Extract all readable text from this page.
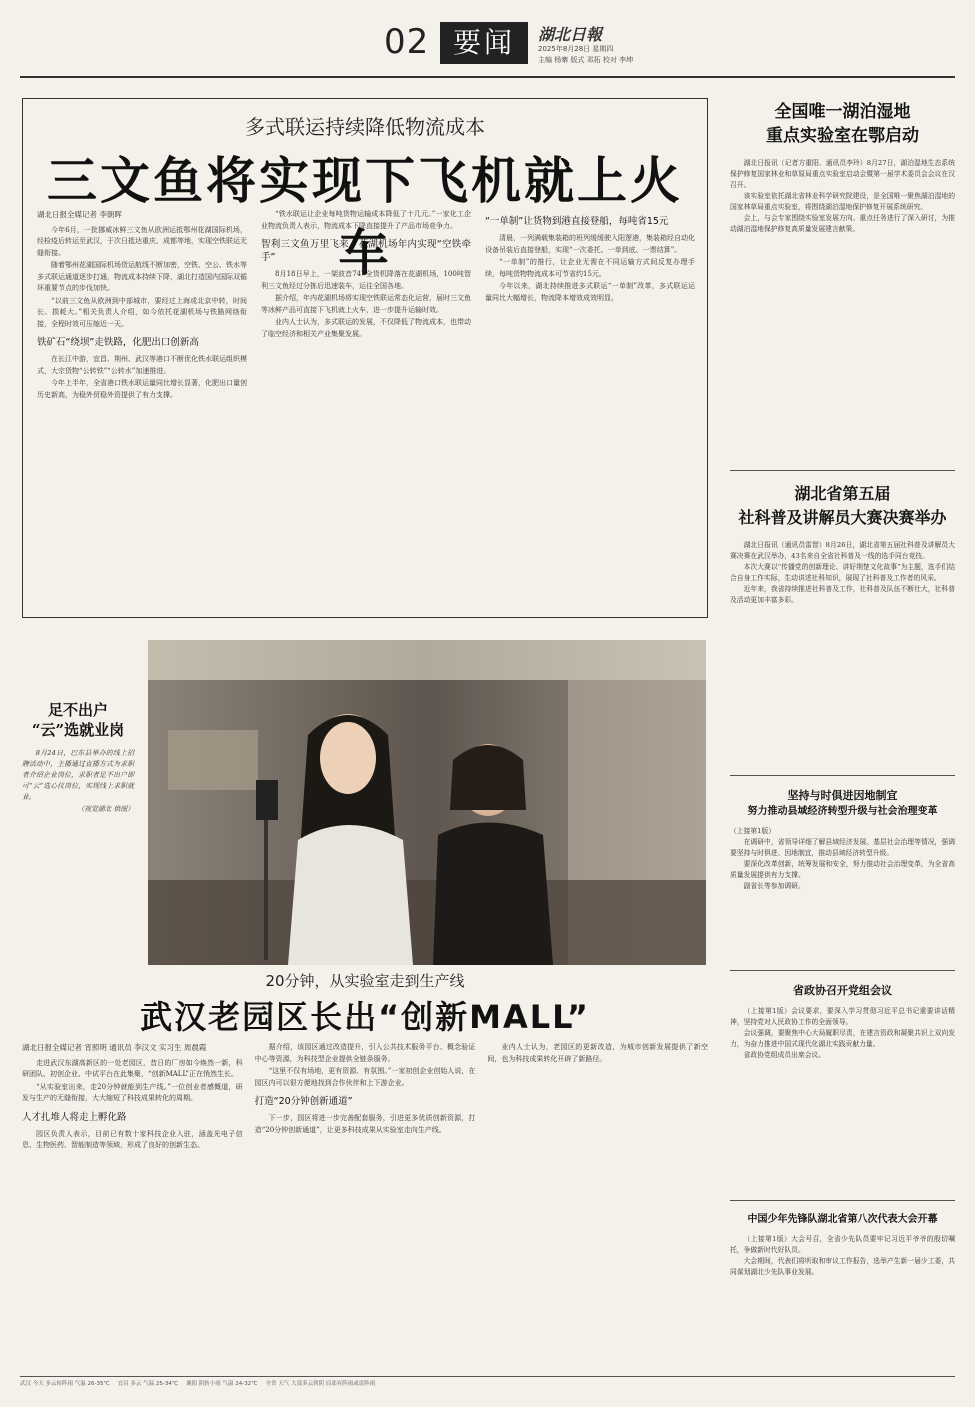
02 要闻	湖北日報
2025年8月28日 星期四
主编 杨寨 版式 邓拓 校对 李坤
多式联运持续降低物流成本
三文鱼将实现下飞机就上火车

湖北日报全媒记者 李朝晖

今年6月，一批挪威冰鲜三文鱼从欧洲运抵鄂州花湖国际机场，经检疫后转运至武汉，于次日抵达重庆、成都等地，实现空铁联运无缝衔接。

随着鄂州花湖国际机场货运航线不断加密，空铁、空公、铁水等多式联运通道逐步打通，物流成本持续下降，湖北打造国内国际双循环重要节点的步伐加快。

“以前三文鱼从欧洲到中部城市，要经过上海或北京中转，时间长、损耗大。”相关负责人介绍，如今依托花湖机场与铁路网络衔接，全程时效可压缩近一天。

铁矿石“绕坝”走铁路，化肥出口创新高

在长江中游，宜昌、荆州、武汉等港口不断优化铁水联运组织模式，大宗货物“公转铁”“公转水”加速推进。

今年上半年，全省港口铁水联运量同比增长显著，化肥出口量创历史新高，为稳外贸稳外资提供了有力支撑。

“铁水联运让企业每吨货物运输成本降低了十几元。”一家化工企业物流负责人表示，物流成本下降直接提升了产品市场竞争力。

智利三文鱼万里飞来，花湖机场年内实现“空铁牵手”

8月18日早上，一架波音747全货机降落在花湖机场，100吨智利三文鱼经过分拣后迅速装车，运往全国各地。

据介绍，年内花湖机场将实现空铁联运常态化运营，届时三文鱼等冰鲜产品可直接下飞机就上火车，进一步提升运输时效。

业内人士认为，多式联运的发展，不仅降低了物流成本，也带动了临空经济和相关产业集聚发展。

“一单制”让货物到港直接登船，每吨省15元

清晨，一列满载集装箱的班列缓缓驶入阳逻港，集装箱经自动化设备吊装后直接登船，实现“一次委托、一单到底、一票结算”。

“一单制”的推行，让企业无需在不同运输方式间反复办理手续，每吨货物物流成本可节省约15元。

今年以来，湖北持续推进多式联运“一单制”改革，多式联运运量同比大幅增长，物流降本增效成效明显。

全国唯一湖泊湿地
重点实验室在鄂启动

湖北日报讯（记者方重阳、通讯员李玲）8月27日，湖泊湿地生态系统保护修复国家林业和草原局重点实验室启动会暨第一届学术委员会会议在汉召开。

该实验室依托湖北省林业科学研究院建设，是全国唯一聚焦湖泊湿地的国家林草局重点实验室，将围绕湖泊湿地保护修复开展系统研究。

会上，与会专家围绕实验室发展方向、重点任务进行了深入研讨，为推动湖泊湿地保护修复高质量发展建言献策。

湖北省第五届
社科普及讲解员大赛决赛举办

湖北日报讯（通讯员雷智）8月26日，湖北省第五届社科普及讲解员大赛决赛在武汉举办，43名来自全省社科普及一线的选手同台竞技。

本次大赛以“传播党的创新理论、讲好荆楚文化故事”为主题，选手们结合自身工作实际，生动讲述社科知识，展现了社科普及工作者的风采。

近年来，我省持续推进社科普及工作，社科普及队伍不断壮大，社科普及活动更加丰富多彩。

坚持与时俱进因地制宜
努力推动县域经济转型升级与社会治理变革

（上接第1版）

在调研中，省领导详细了解县域经济发展、基层社会治理等情况，强调要坚持与时俱进、因地制宜，推动县域经济转型升级。

要深化改革创新，统筹发展和安全，努力推动社会治理变革，为全省高质量发展提供有力支撑。

副省长等参加调研。

省政协召开党组会议

（上接第1版）会议要求，要深入学习贯彻习近平总书记重要讲话精神，坚持党对人民政协工作的全面领导。

会议强调，要聚焦中心大局履职尽责，在建言资政和凝聚共识上双向发力，为奋力推进中国式现代化湖北实践贡献力量。

省政协党组成员出席会议。

中国少年先锋队湖北省第八次代表大会开幕

（上接第1版）大会号召，全省少先队员要牢记习近平爷爷的殷切嘱托，争做新时代好队员。

大会期间，代表们将听取和审议工作报告，选举产生新一届少工委，共同谋划湖北少先队事业发展。

足不出户
“云”选就业岗

8月24日，巴东县举办的线上招聘活动中，主播通过直播方式为求职者介绍企业岗位，求职者足不出户即可“云”选心仪岗位，实现线上求职就业。

（视觉湖北 供图）
20分钟，从实验室走到生产线
武汉老园区长出“创新MALL”

湖北日报全媒记者 宵照明 通讯员 李汉文 实习生 周晨霞

走进武汉东湖高新区的一处老园区，昔日的厂房如今焕然一新，科研团队、初创企业、中试平台在此集聚，“创新MALL”正在悄然生长。

“从实验室出来，走20分钟就能到生产线。”一位创业者感慨道，研发与生产的无缝衔接，大大缩短了科技成果转化的周期。

人才扎堆人将走上孵化路

园区负责人表示，目前已有数十家科技企业入驻，涵盖光电子信息、生物医药、智能制造等领域，形成了良好的创新生态。

据介绍，该园区通过改造提升，引入公共技术服务平台、概念验证中心等资源，为科技型企业提供全链条服务。

“这里不仅有场地，更有资源、有氛围。”一家初创企业创始人说，在园区内可以很方便地找到合作伙伴和上下游企业。

打造“20分钟创新通道”

下一步，园区将进一步完善配套服务，引进更多优质创新资源，打造“20分钟创新通道”，让更多科技成果从实验室走向生产线。

业内人士认为，老园区的更新改造，为城市创新发展提供了新空间，也为科技成果转化开辟了新路径。

武汉 今天 多云转阵雨 气温 26-35℃ 宜昌 多云 气温 25-34℃ 襄阳 阴转小雨 气温 24-32℃ 全省 天气 大部多云到阴 局部有阵雨或雷阵雨
